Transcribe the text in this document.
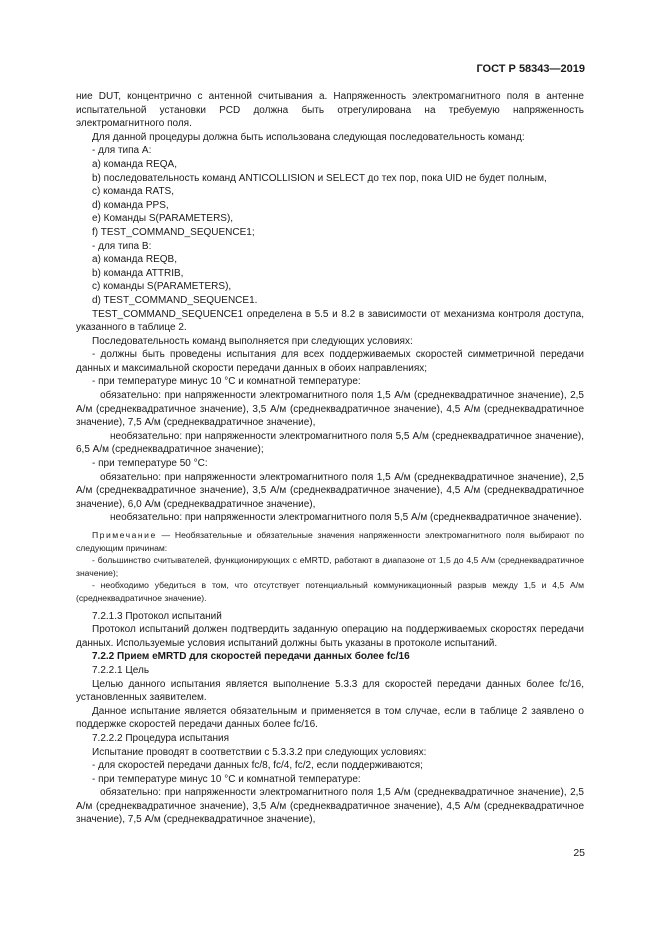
ГОСТ Р 58343—2019

ние DUT, концентрично с антенной считывания a. Напряженность электромагнитного поля в антенне испытательной установки PCD должна быть отрегулирована на требуемую напряженность электромагнитного поля.

Для данной процедуры должна быть использована следующая последовательность команд:

- для типа А:

а) команда REQA,

b) последовательность команд ANTICOLLISION и SELECT до тех пор, пока UID не будет полным,

c) команда RATS,

d) команда PPS,

e) Команды S(PARAMETERS),

f) TEST_COMMAND_SEQUENCE1;

- для типа В:

а) команда REQB,

b) команда ATTRIB,

c) команды S(PARAMETERS),

d) TEST_COMMAND_SEQUENCE1.

TEST_COMMAND_SEQUENCE1 определена в 5.5 и 8.2 в зависимости от механизма контроля доступа, указанного в таблице 2.

Последовательность команд выполняется при следующих условиях:

- должны быть проведены испытания для всех поддерживаемых скоростей симметричной передачи данных и максимальной скорости передачи данных в обоих направлениях;

- при температуре минус 10 °C и комнатной температуре:

обязательно: при напряженности электромагнитного поля 1,5 А/м (среднеквадратичное значение), 2,5 А/м (среднеквадратичное значение), 3,5 А/м (среднеквадратичное значение), 4,5 А/м (среднеквадратичное значение), 7,5 А/м (среднеквадратичное значение),

необязательно: при напряженности электромагнитного поля 5,5 А/м (среднеквадратичное значение), 6,5 А/м (среднеквадратичное значение);

- при температуре 50 °C:

обязательно: при напряженности электромагнитного поля 1,5 А/м (среднеквадратичное значение), 2,5 А/м (среднеквадратичное значение), 3,5 А/м (среднеквадратичное значение), 4,5 А/м (среднеквадратичное значение), 6,0 А/м (среднеквадратичное значение),

необязательно: при напряженности электромагнитного поля 5,5 А/м (среднеквадратичное значение).

Примечание — Необязательные и обязательные значения напряженности электромагнитного поля выбирают по следующим причинам:

- большинство считывателей, функционирующих с eMRTD, работают в диапазоне от 1,5 до 4,5 А/м (среднеквадратичное значение);

- необходимо убедиться в том, что отсутствует потенциальный коммуникационный разрыв между 1,5 и 4,5 А/м (среднеквадратичное значение).

7.2.1.3 Протокол испытаний

Протокол испытаний должен подтвердить заданную операцию на поддерживаемых скоростях передачи данных. Используемые условия испытаний должны быть указаны в протоколе испытаний.

7.2.2 Прием eMRTD для скоростей передачи данных более fc/16

7.2.2.1 Цель

Целью данного испытания является выполнение 5.3.3 для скоростей передачи данных более fc/16, установленных заявителем.

Данное испытание является обязательным и применяется в том случае, если в таблице 2 заявлено о поддержке скоростей передачи данных более fc/16.

7.2.2.2 Процедура испытания

Испытание проводят в соответствии с 5.3.3.2 при следующих условиях:

- для скоростей передачи данных fc/8, fc/4, fc/2, если поддерживаются;

- при температуре минус 10 °C и комнатной температуре:

обязательно: при напряженности электромагнитного поля 1,5 А/м (среднеквадратичное значение), 2,5 А/м (среднеквадратичное значение), 3,5 А/м (среднеквадратичное значение), 4,5 А/м (среднеквадратичное значение), 7,5 А/м (среднеквадратичное значение),

25
